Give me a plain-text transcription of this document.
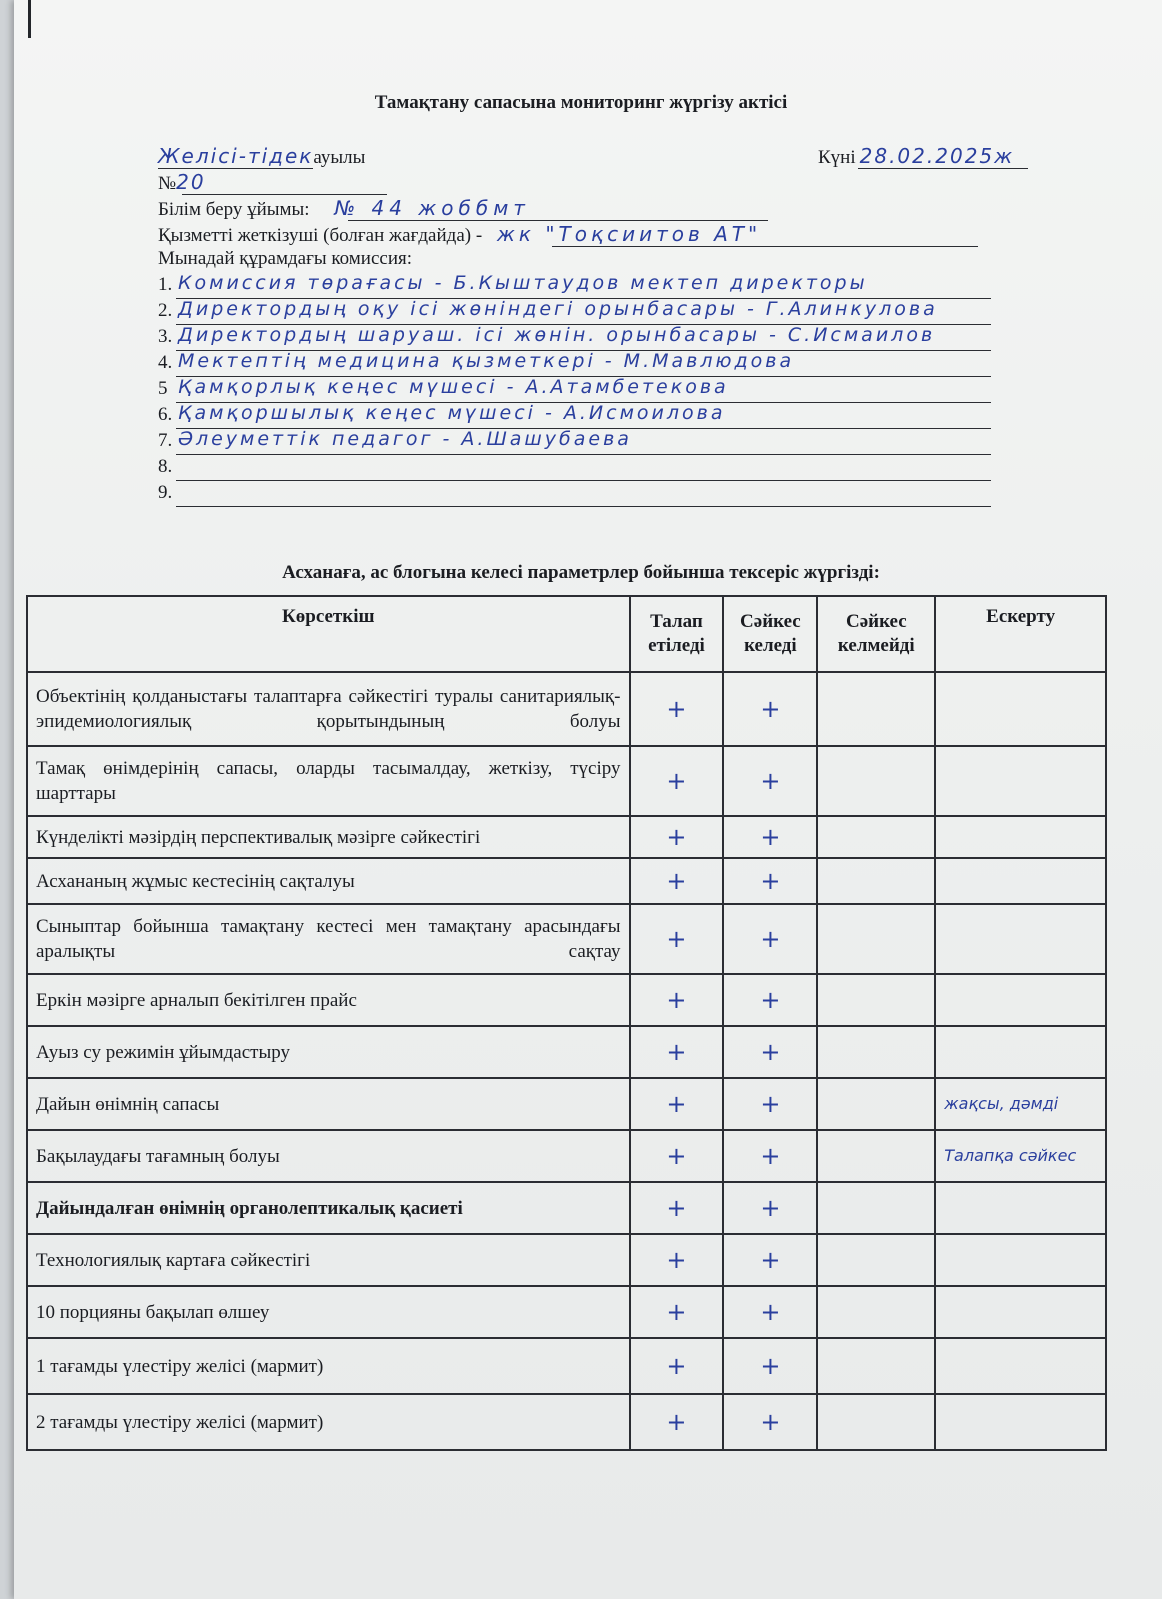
Тамақтану сапасына мониторинг жүргізу актісі
Желісі-тідекауылы	Күні 28.02.2025ж
№20
Білім беру ұйымы: № 44 жоббмт
Қызметті жеткізуші (болған жағдайда) - жк "Тоқсиитов АТ"
Мынадай құрамдағы комиссия:
1. Комиссия төрағасы - Б.Кыштаудов мектеп директоры
2. Директордың оқу ісі жөніндегі орынбасары - Г.Алинкулова
3. Директордың шаруаш. ісі жөнін. орынбасары - С.Исмаилов
4. Мектептің медицина қызметкері - М.Мавлюдова
5 Қамқорлық кеңес мүшесі - А.Атамбетекова
6. Қамқоршылық кеңес мүшесі - А.Исмоилова
7. Әлеуметтік педагог - А.Шашубаева
8.
9.
Асханаға, ас блогына келесі параметрлер бойынша тексеріс жүргізді:
Көрсеткіш	Талап етіледі	Сәйкес келеді	Сәйкес келмейді	Ескерту
Объектінің қолданыстағы талаптарға сәйкестігі туралы санитариялық-эпидемиологиялық қорытындының болуы	+	+		
Тамақ өнімдерінің сапасы, оларды тасымалдау, жеткізу, түсіру шарттары	+	+		
Күнделікті мәзірдің перспективалық мәзірге сәйкестігі	+	+		
Асхананың жұмыс кестесінің сақталуы	+	+		
Сыныптар бойынша тамақтану кестесі мен тамақтану арасындағы аралықты сақтау	+	+		
Еркін мәзірге арналып бекітілген прайс	+	+		
Ауыз су режимін ұйымдастыру	+	+		
Дайын өнімнің сапасы	+	+		жақсы, дәмді
Бақылаудағы тағамның болуы	+	+		Талапқа сәйкес
Дайындалған өнімнің органолептикалық қасиеті	+	+		
Технологиялық картаға сәйкестігі	+	+		
10 порцияны бақылап өлшеу	+	+		
1 тағамды үлестіру желісі (мармит)	+	+		
2 тағамды үлестіру желісі (мармит)	+	+		
